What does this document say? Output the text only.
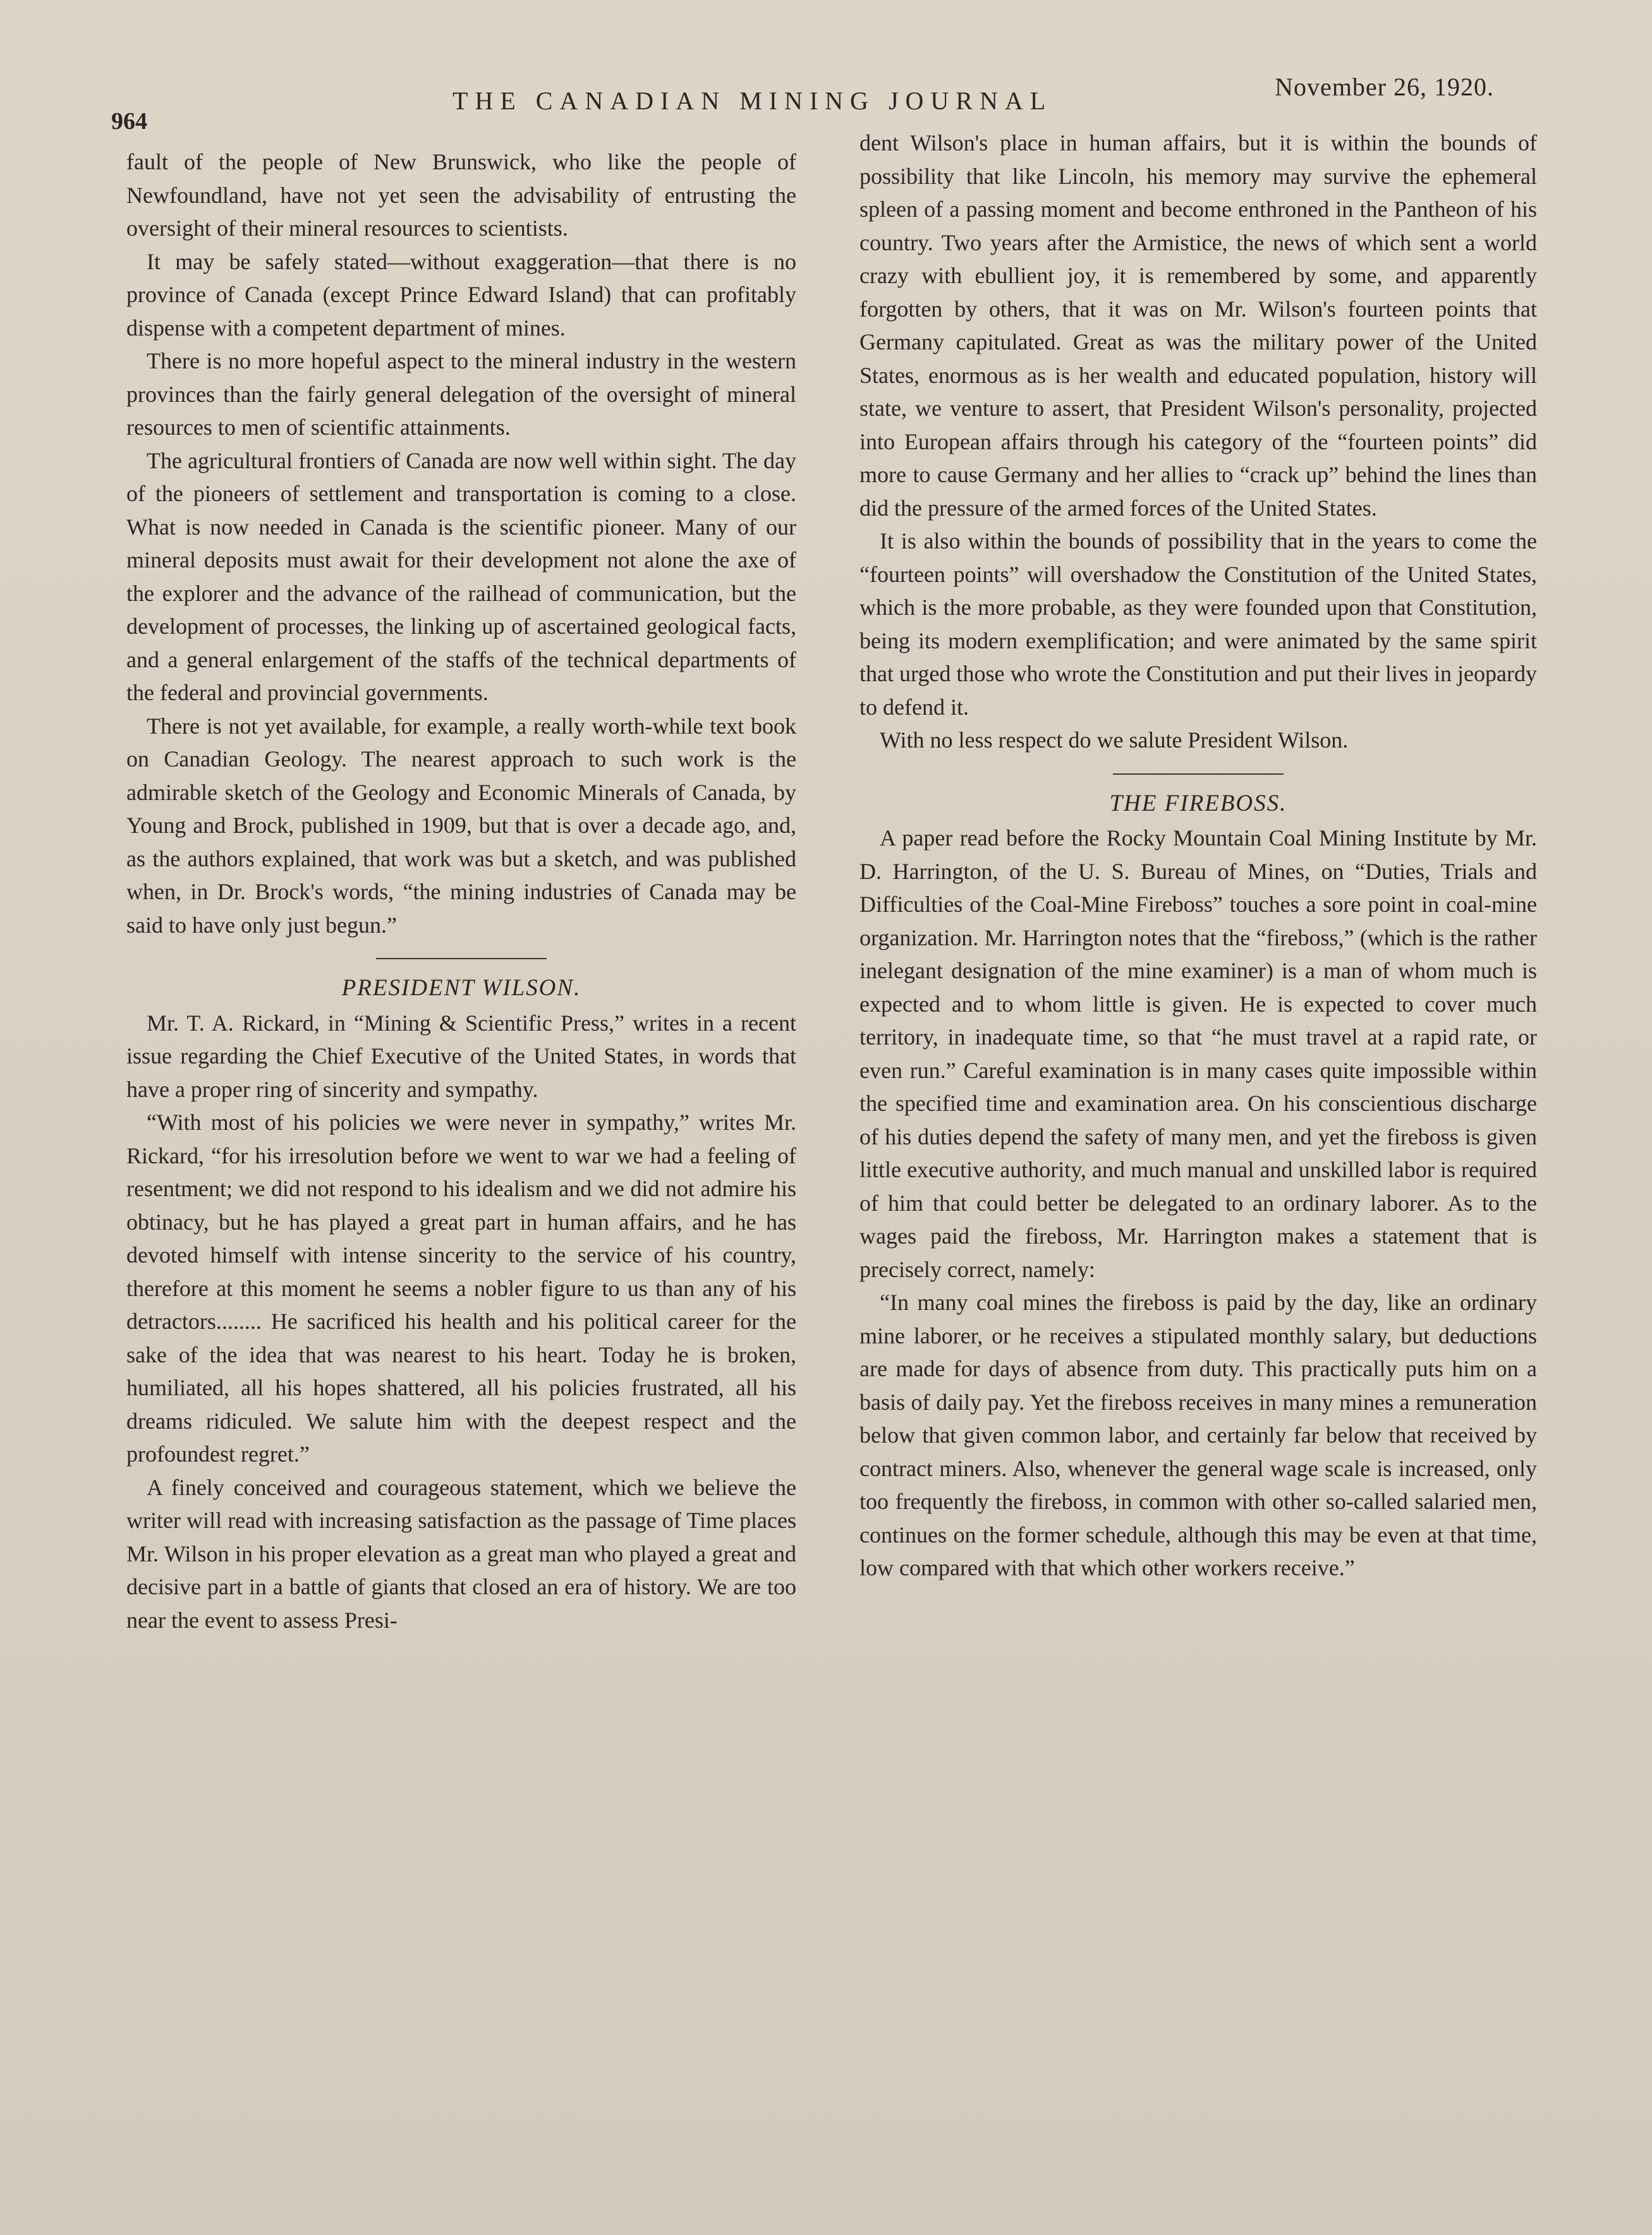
964
THE CANADIAN MINING JOURNAL	November 26, 1920.

fault of the people of New Brunswick, who like the people of Newfoundland, have not yet seen the advisability of entrusting the oversight of their mineral resources to scientists.

It may be safely stated—without exaggeration—that there is no province of Canada (except Prince Edward Island) that can profitably dispense with a competent department of mines.

There is no more hopeful aspect to the mineral industry in the western provinces than the fairly general delegation of the oversight of mineral resources to men of scientific attainments.

The agricultural frontiers of Canada are now well within sight. The day of the pioneers of settlement and transportation is coming to a close. What is now needed in Canada is the scientific pioneer. Many of our mineral deposits must await for their development not alone the axe of the explorer and the advance of the railhead of communication, but the development of processes, the linking up of ascertained geological facts, and a general enlargement of the staffs of the technical departments of the federal and provincial governments.

There is not yet available, for example, a really worth-while text book on Canadian Geology. The nearest approach to such work is the admirable sketch of the Geology and Economic Minerals of Canada, by Young and Brock, published in 1909, but that is over a decade ago, and, as the authors explained, that work was but a sketch, and was published when, in Dr. Brock's words, “the mining industries of Canada may be said to have only just begun.”

PRESIDENT WILSON.

Mr. T. A. Rickard, in “Mining & Scientific Press,” writes in a recent issue regarding the Chief Executive of the United States, in words that have a proper ring of sincerity and sympathy.

“With most of his policies we were never in sympathy,” writes Mr. Rickard, “for his irresolution before we went to war we had a feeling of resentment; we did not respond to his idealism and we did not admire his obtinacy, but he has played a great part in human affairs, and he has devoted himself with intense sincerity to the service of his country, therefore at this moment he seems a nobler figure to us than any of his detractors........ He sacrificed his health and his political career for the sake of the idea that was nearest to his heart. Today he is broken, humiliated, all his hopes shattered, all his policies frustrated, all his dreams ridiculed. We salute him with the deepest respect and the profoundest regret.”

A finely conceived and courageous statement, which we believe the writer will read with increasing satisfaction as the passage of Time places Mr. Wilson in his proper elevation as a great man who played a great and decisive part in a battle of giants that closed an era of history. We are too near the event to assess Presi-

dent Wilson's place in human affairs, but it is within the bounds of possibility that like Lincoln, his memory may survive the ephemeral spleen of a passing moment and become enthroned in the Pantheon of his country. Two years after the Armistice, the news of which sent a world crazy with ebullient joy, it is remembered by some, and apparently forgotten by others, that it was on Mr. Wilson's fourteen points that Germany capitulated. Great as was the military power of the United States, enormous as is her wealth and educated population, history will state, we venture to assert, that President Wilson's personality, projected into European affairs through his category of the “fourteen points” did more to cause Germany and her allies to “crack up” behind the lines than did the pressure of the armed forces of the United States.

It is also within the bounds of possibility that in the years to come the “fourteen points” will overshadow the Constitution of the United States, which is the more probable, as they were founded upon that Constitution, being its modern exemplification; and were animated by the same spirit that urged those who wrote the Constitution and put their lives in jeopardy to defend it.

With no less respect do we salute President Wilson.

THE FIREBOSS.

A paper read before the Rocky Mountain Coal Mining Institute by Mr. D. Harrington, of the U. S. Bureau of Mines, on “Duties, Trials and Difficulties of the Coal-Mine Fireboss” touches a sore point in coal-mine organization. Mr. Harrington notes that the “fireboss,” (which is the rather inelegant designation of the mine examiner) is a man of whom much is expected and to whom little is given. He is expected to cover much territory, in inadequate time, so that “he must travel at a rapid rate, or even run.” Careful examination is in many cases quite impossible within the specified time and examination area. On his conscientious discharge of his duties depend the safety of many men, and yet the fireboss is given little executive authority, and much manual and unskilled labor is required of him that could better be delegated to an ordinary laborer. As to the wages paid the fireboss, Mr. Harrington makes a statement that is precisely correct, namely:

“In many coal mines the fireboss is paid by the day, like an ordinary mine laborer, or he receives a stipulated monthly salary, but deductions are made for days of absence from duty. This practically puts him on a basis of daily pay. Yet the fireboss receives in many mines a remuneration below that given common labor, and certainly far below that received by contract miners. Also, whenever the general wage scale is increased, only too frequently the fireboss, in common with other so-called salaried men, continues on the former schedule, although this may be even at that time, low compared with that which other workers receive.”
